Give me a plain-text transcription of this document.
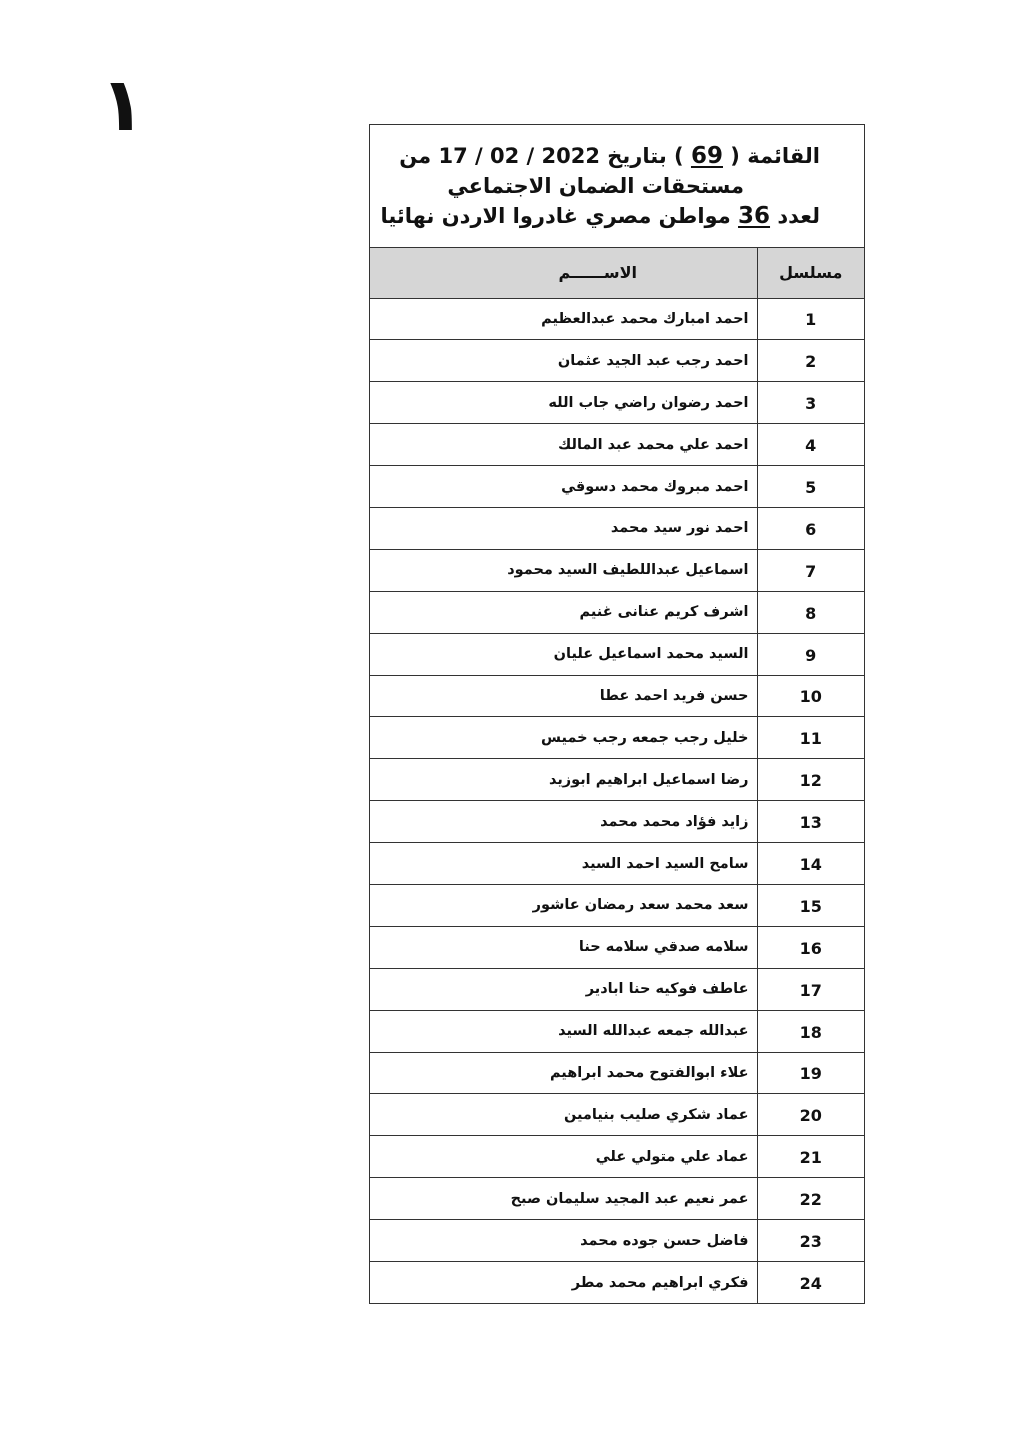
١
القائمة ( 69 ) بتاريخ 17 / 02 / 2022 من
مستحقات الضمان الاجتماعي
لعدد 36 مواطن مصري غادروا الاردن نهائيا
مسلسل	الاســــــم
1	احمد امبارك محمد عبدالعظيم
2	احمد رجب عبد الجيد عثمان
3	احمد رضوان راضي جاب الله
4	احمد علي محمد عبد المالك
5	احمد مبروك محمد دسوقي
6	احمد نور سيد محمد
7	اسماعيل عبداللطيف السيد محمود
8	اشرف كريم عنانى غنيم
9	السيد محمد اسماعيل عليان
10	حسن فريد احمد عطا
11	خليل رجب جمعه رجب خميس
12	رضا اسماعيل ابراهيم ابوزيد
13	زايد فؤاد محمد محمد
14	سامح السيد احمد السيد
15	سعد محمد سعد رمضان عاشور
16	سلامه صدقي سلامه حنا
17	عاطف فوكيه حنا ابادير
18	عبدالله جمعه عبدالله السيد
19	علاء ابوالفتوح محمد ابراهيم
20	عماد شكري صليب بنيامين
21	عماد علي متولي علي
22	عمر نعيم عبد المجيد سليمان صبح
23	فاضل حسن جوده محمد
24	فكري ابراهيم محمد مطر
